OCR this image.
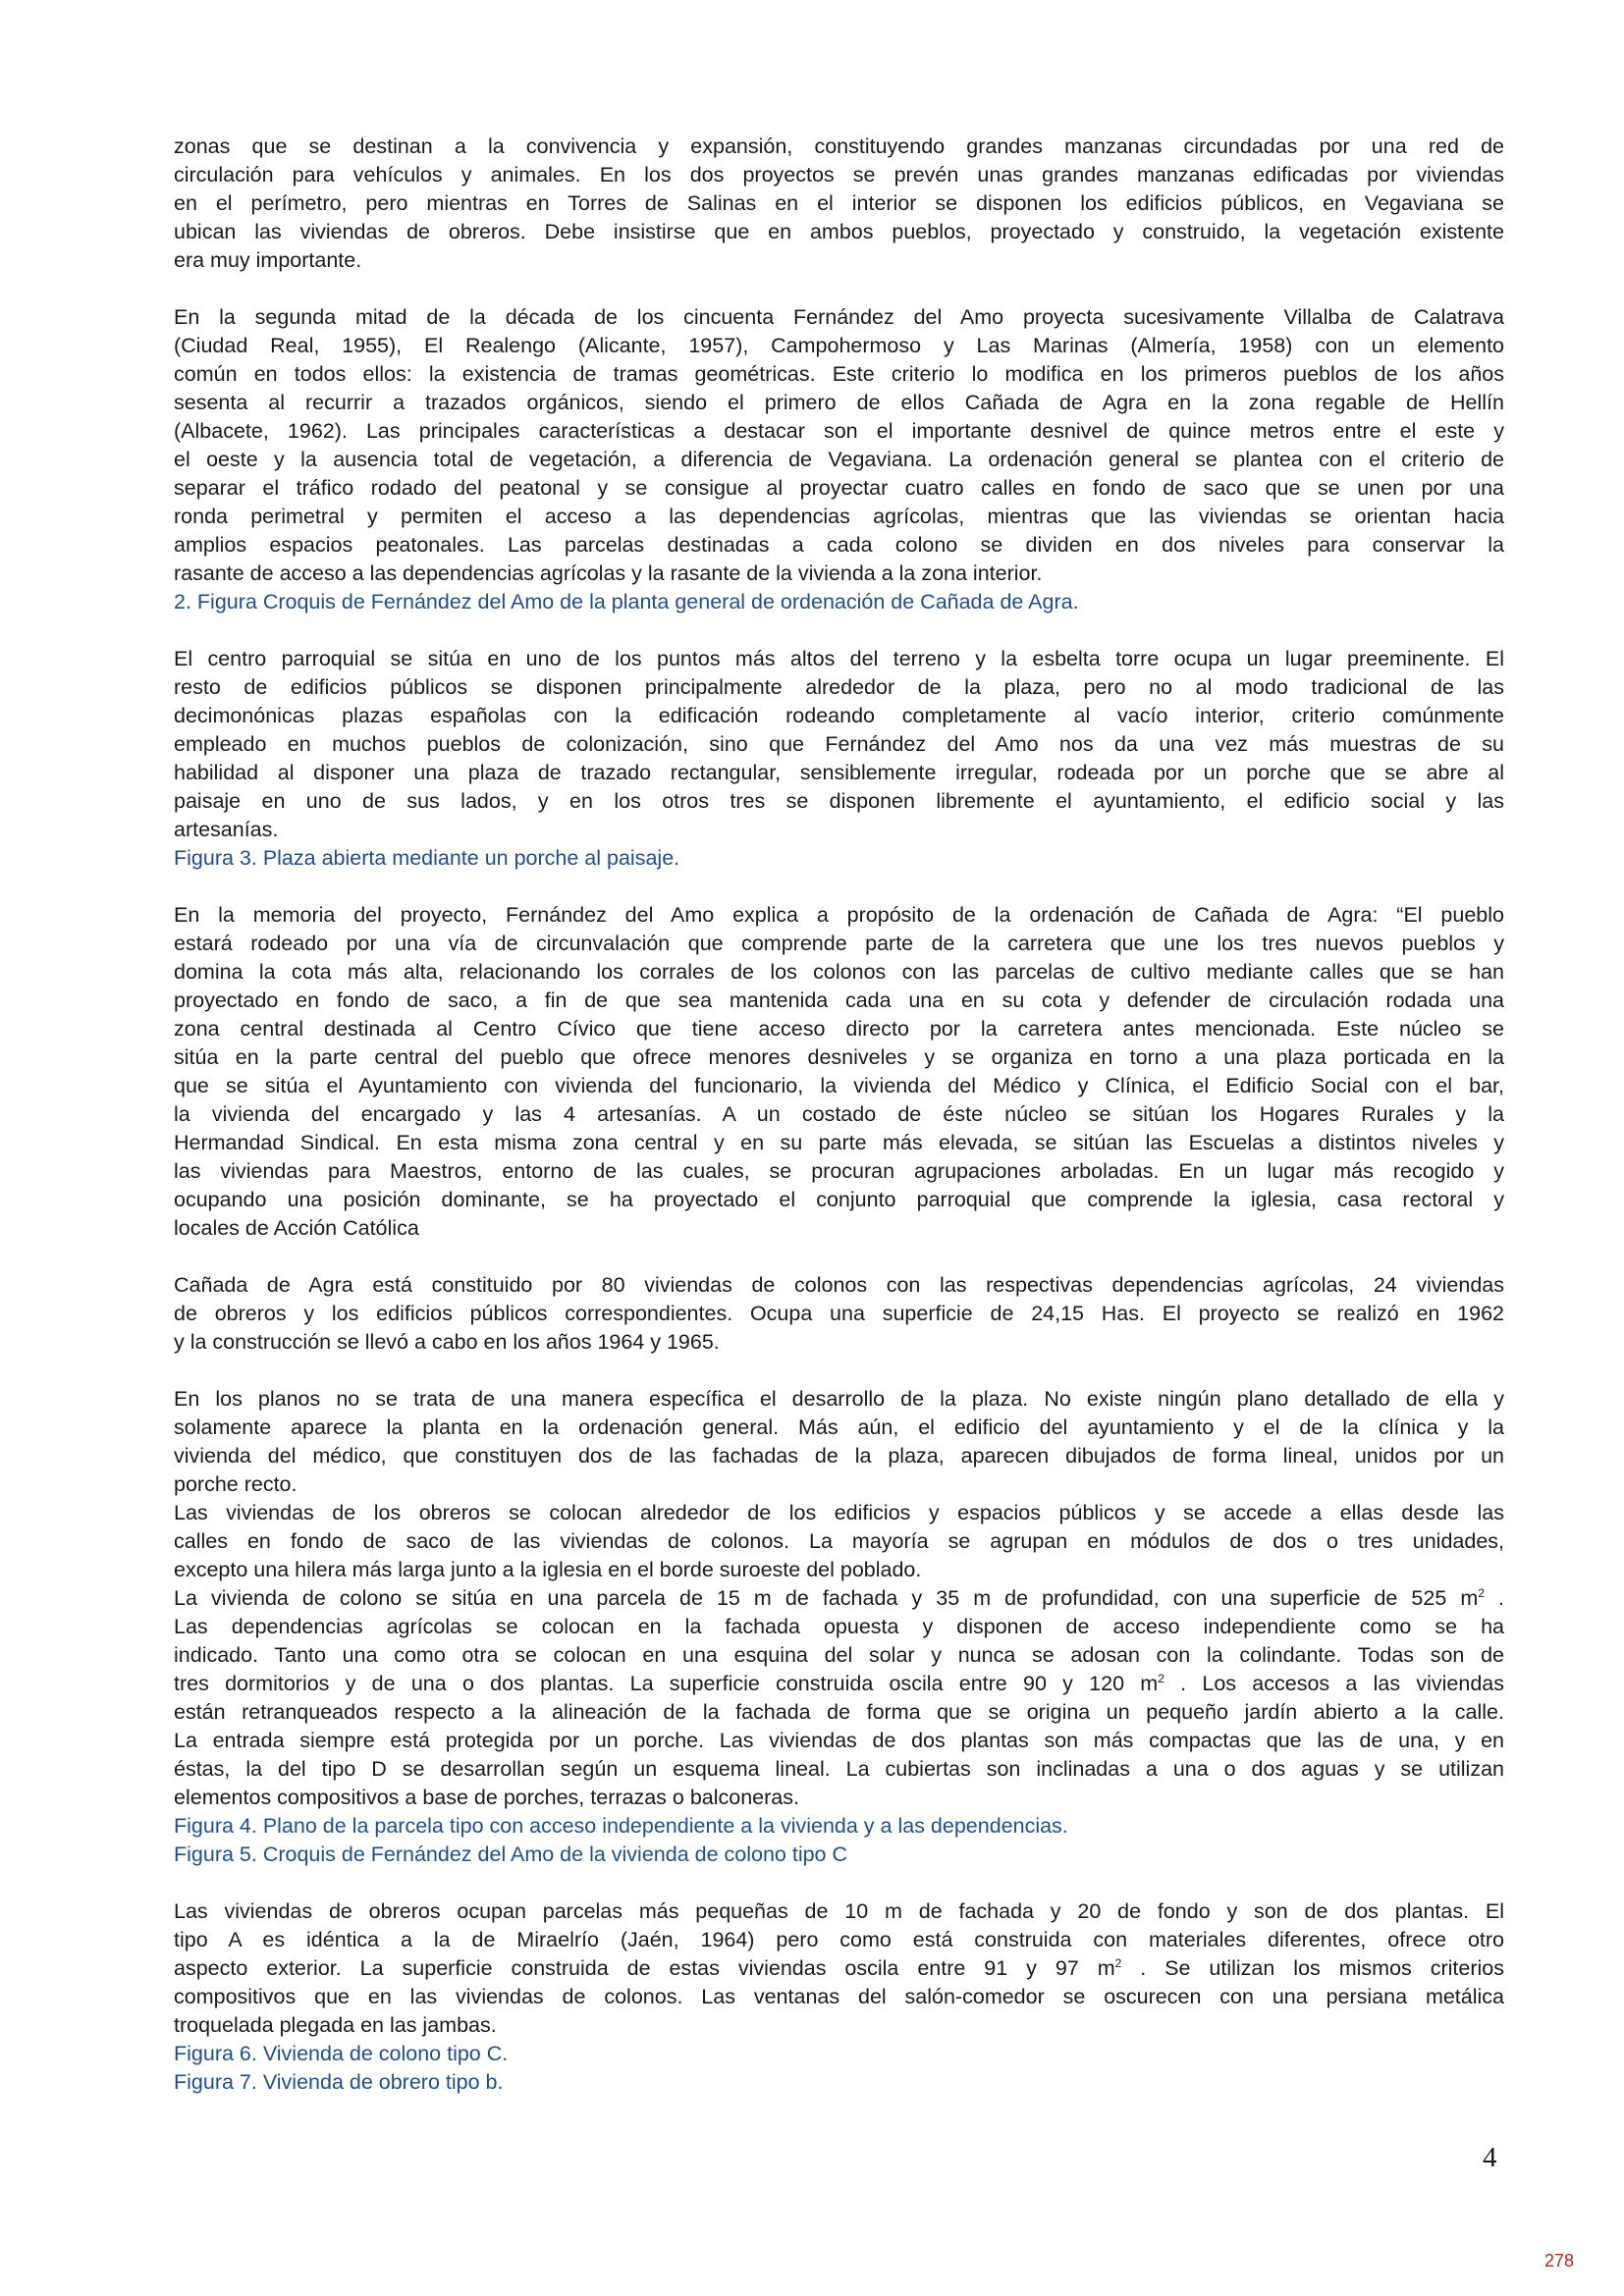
zonas que se destinan a la convivencia y expansión, constituyendo grandes manzanas circundadas por una red de
circulación para vehículos y animales. En los dos proyectos se prevén unas grandes manzanas edificadas por viviendas
en el perímetro, pero mientras en Torres de Salinas en el interior se disponen los edificios públicos, en Vegaviana se
ubican las viviendas de obreros. Debe insistirse que en ambos pueblos, proyectado y construido, la vegetación existente
era muy importante.
En la segunda mitad de la década de los cincuenta Fernández del Amo proyecta sucesivamente Villalba de Calatrava
(Ciudad Real, 1955), El Realengo (Alicante, 1957), Campohermoso y Las Marinas (Almería, 1958) con un elemento
común en todos ellos: la existencia de tramas geométricas. Este criterio lo modifica en los primeros pueblos de los años
sesenta al recurrir a trazados orgánicos, siendo el primero de ellos Cañada de Agra en la zona regable de Hellín
(Albacete, 1962). Las principales características a destacar son el importante desnivel de quince metros entre el este y
el oeste y la ausencia total de vegetación, a diferencia de Vegaviana. La ordenación general se plantea con el criterio de
separar el tráfico rodado del peatonal y se consigue al proyectar cuatro calles en fondo de saco que se unen por una
ronda perimetral y permiten el acceso a las dependencias agrícolas, mientras que las viviendas se orientan hacia
amplios espacios peatonales. Las parcelas destinadas a cada colono se dividen en dos niveles para conservar la
rasante de acceso a las dependencias agrícolas y la rasante de la vivienda a la zona interior.
2. Figura Croquis de Fernández del Amo de la planta general de ordenación de Cañada de Agra.
El centro parroquial se sitúa en uno de los puntos más altos del terreno y la esbelta torre ocupa un lugar preeminente. El
resto de edificios públicos se disponen principalmente alrededor de la plaza, pero no al modo tradicional de las
decimonónicas plazas españolas con la edificación rodeando completamente al vacío interior, criterio comúnmente
empleado en muchos pueblos de colonización, sino que Fernández del Amo nos da una vez más muestras de su
habilidad al disponer una plaza de trazado rectangular, sensiblemente irregular, rodeada por un porche que se abre al
paisaje en uno de sus lados, y en los otros tres se disponen libremente el ayuntamiento, el edificio social y las
artesanías.
Figura 3. Plaza abierta mediante un porche al paisaje.
En la memoria del proyecto, Fernández del Amo explica a propósito de la ordenación de Cañada de Agra: “El pueblo
estará rodeado por una vía de circunvalación que comprende parte de la carretera que une los tres nuevos pueblos y
domina la cota más alta, relacionando los corrales de los colonos con las parcelas de cultivo mediante calles que se han
proyectado en fondo de saco, a fin de que sea mantenida cada una en su cota y defender de circulación rodada una
zona central destinada al Centro Cívico que tiene acceso directo por la carretera antes mencionada. Este núcleo se
sitúa en la parte central del pueblo que ofrece menores desniveles y se organiza en torno a una plaza porticada en la
que se sitúa el Ayuntamiento con vivienda del funcionario, la vivienda del Médico y Clínica, el Edificio Social con el bar,
la vivienda del encargado y las 4 artesanías. A un costado de éste núcleo se sitúan los Hogares Rurales y la
Hermandad Sindical. En esta misma zona central y en su parte más elevada, se sitúan las Escuelas a distintos niveles y
las viviendas para Maestros, entorno de las cuales, se procuran agrupaciones arboladas. En un lugar más recogido y
ocupando una posición dominante, se ha proyectado el conjunto parroquial que comprende la iglesia, casa rectoral y
locales de Acción Católica
Cañada de Agra está constituido por 80 viviendas de colonos con las respectivas dependencias agrícolas, 24 viviendas
de obreros y los edificios públicos correspondientes. Ocupa una superficie de 24,15 Has. El proyecto se realizó en 1962
y la construcción se llevó a cabo en los años 1964 y 1965.
En los planos no se trata de una manera específica el desarrollo de la plaza. No existe ningún plano detallado de ella y
solamente aparece la planta en la ordenación general. Más aún, el edificio del ayuntamiento y el de la clínica y la
vivienda del médico, que constituyen dos de las fachadas de la plaza, aparecen dibujados de forma lineal, unidos por un
porche recto.
Las viviendas de los obreros se colocan alrededor de los edificios y espacios públicos y se accede a ellas desde las
calles en fondo de saco de las viviendas de colonos. La mayoría se agrupan en módulos de dos o tres unidades,
excepto una hilera más larga junto a la iglesia en el borde suroeste del poblado.
La vivienda de colono se sitúa en una parcela de 15 m de fachada y 35 m de profundidad, con una superficie de 525 $m^2$ .
Las dependencias agrícolas se colocan en la fachada opuesta y disponen de acceso independiente como se ha
indicado. Tanto una como otra se colocan en una esquina del solar y nunca se adosan con la colindante. Todas son de
tres dormitorios y de una o dos plantas. La superficie construida oscila entre 90 y 120 $m^2$ . Los accesos a las viviendas
están retranqueados respecto a la alineación de la fachada de forma que se origina un pequeño jardín abierto a la calle.
La entrada siempre está protegida por un porche. Las viviendas de dos plantas son más compactas que las de una, y en
éstas, la del tipo D se desarrollan según un esquema lineal. La cubiertas son inclinadas a una o dos aguas y se utilizan
elementos compositivos a base de porches, terrazas o balconeras.
Figura 4. Plano de la parcela tipo con acceso independiente a la vivienda y a las dependencias.
Figura 5. Croquis de Fernández del Amo de la vivienda de colono tipo C
Las viviendas de obreros ocupan parcelas más pequeñas de 10 m de fachada y 20 de fondo y son de dos plantas. El
tipo A es idéntica a la de Miraelrío (Jaén, 1964) pero como está construida con materiales diferentes, ofrece otro
aspecto exterior. La superficie construida de estas viviendas oscila entre 91 y 97 $m^2$ . Se utilizan los mismos criterios
compositivos que en las viviendas de colonos. Las ventanas del salón-comedor se oscurecen con una persiana metálica
troquelada plegada en las jambas.
Figura 6. Vivienda de colono tipo C.
Figura 7. Vivienda de obrero tipo b.
4
278
